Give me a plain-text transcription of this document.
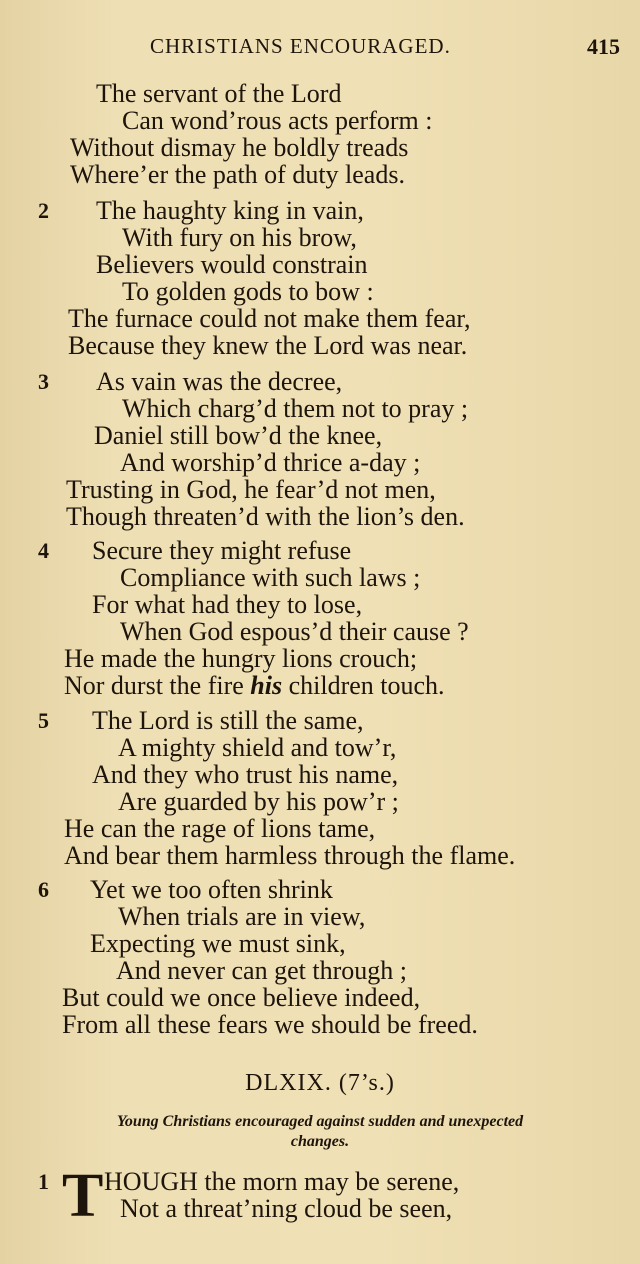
CHRISTIANS ENCOURAGED.	415
The servant of the Lord
Can wond’rous acts perform :
Without dismay he boldly treads
Where’er the path of duty leads.
2 The haughty king in vain,
With fury on his brow,
Believers would constrain
To golden gods to bow :
The furnace could not make them fear,
Because they knew the Lord was near.
3 As vain was the decree,
Which charg’d them not to pray ;
Daniel still bow’d the knee,
And worship’d thrice a-day ;
Trusting in God, he fear’d not men,
Though threaten’d with the lion’s den.
4 Secure they might refuse
Compliance with such laws ;
For what had they to lose,
When God espous’d their cause ?
He made the hungry lions crouch;
Nor durst the fire his children touch.
5 The Lord is still the same,
A mighty shield and tow’r,
And they who trust his name,
Are guarded by his pow’r ;
He can the rage of lions tame,
And bear them harmless through the flame.
6 Yet we too often shrink
When trials are in view,
Expecting we must sink,
And never can get through ;
But could we once believe indeed,
From all these fears we should be freed.
DLXIX. (7’s.)
Young Christians encouraged against sudden and unexpected
changes.
1 T HOUGH the morn may be serene,
Not a threat’ning cloud be seen,
